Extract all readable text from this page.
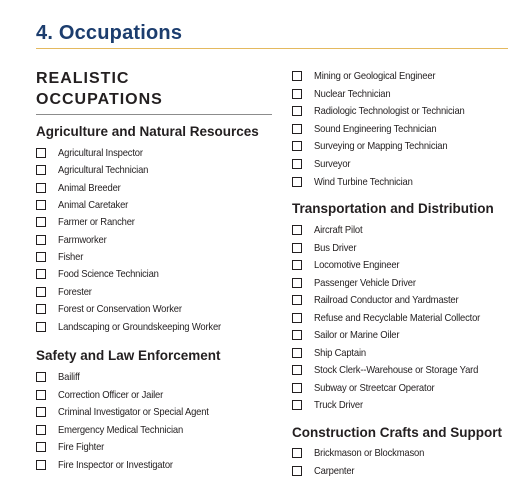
4. Occupations
REALISTIC
OCCUPATIONS
Agriculture and Natural Resources
Agricultural Inspector
Agricultural Technician
Animal Breeder
Animal Caretaker
Farmer or Rancher
Farmworker
Fisher
Food Science Technician
Forester
Forest or Conservation Worker
Landscaping or Groundskeeping Worker
Safety and Law Enforcement
Bailiff
Correction Officer or Jailer
Criminal Investigator or Special Agent
Emergency Medical Technician
Fire Fighter
Fire Inspector or Investigator
Mining or Geological Engineer
Nuclear Technician
Radiologic Technologist or Technician
Sound Engineering Technician
Surveying or Mapping Technician
Surveyor
Wind Turbine Technician
Transportation and Distribution
Aircraft Pilot
Bus Driver
Locomotive Engineer
Passenger Vehicle Driver
Railroad Conductor and Yardmaster
Refuse and Recyclable Material Collector
Sailor or Marine Oiler
Ship Captain
Stock Clerk--Warehouse or Storage Yard
Subway or Streetcar Operator
Truck Driver
Construction Crafts and Support
Brickmason or Blockmason
Carpenter
